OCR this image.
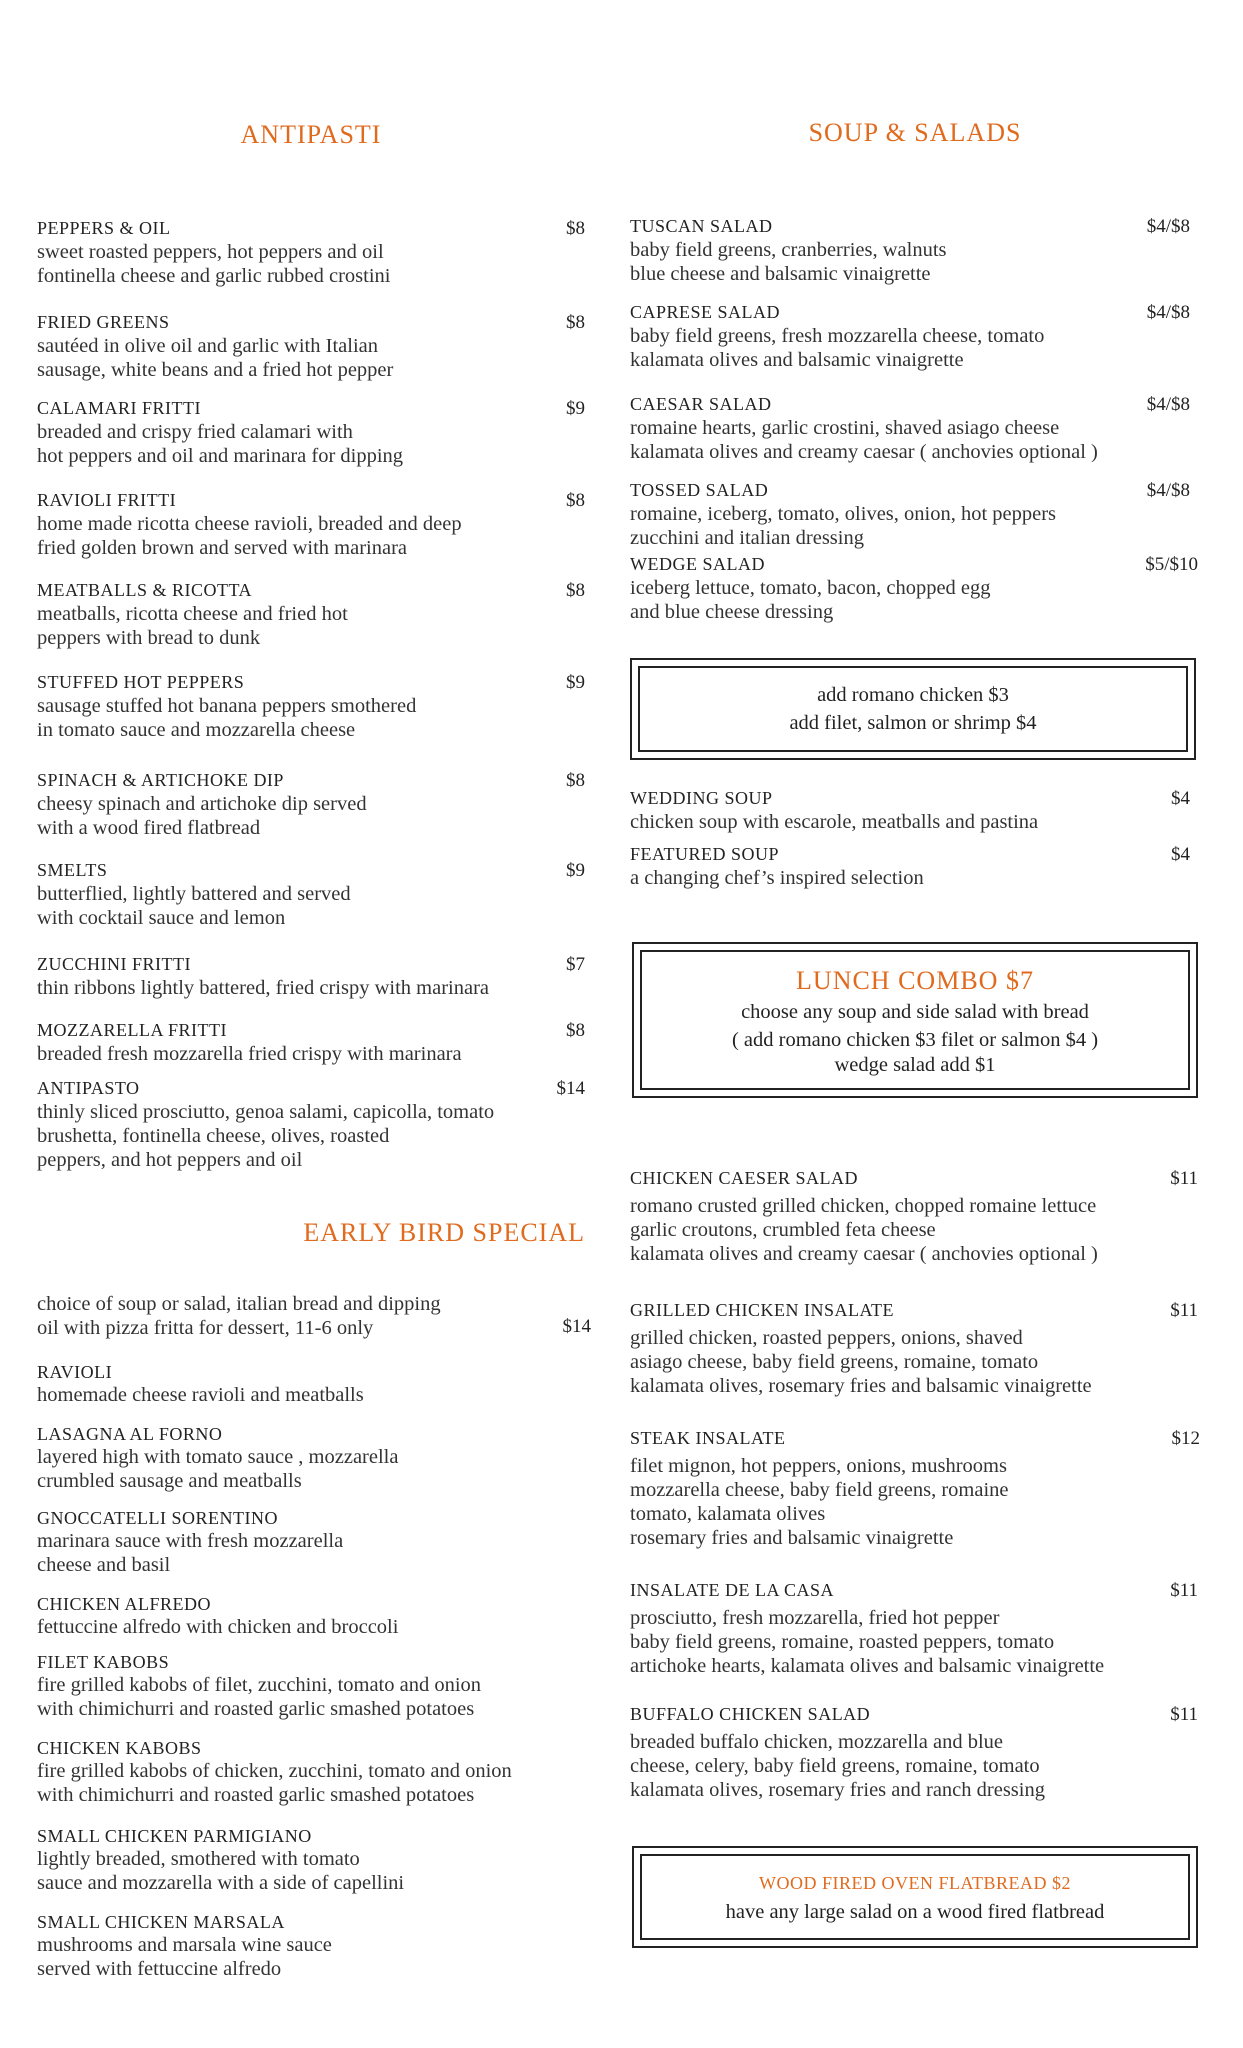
ANTIPASTI
PEPPERS & OIL	$8
sweet roasted peppers, hot peppers and oil
fontinella cheese and garlic rubbed crostini
FRIED GREENS	$8
sautéed in olive oil and garlic with Italian
sausage, white beans and a fried hot pepper
CALAMARI FRITTI	$9
breaded and crispy fried calamari with
hot peppers and oil and marinara for dipping
RAVIOLI FRITTI	$8
home made ricotta cheese ravioli, breaded and deep
fried golden brown and served with marinara
MEATBALLS & RICOTTA	$8
meatballs, ricotta cheese and fried hot
peppers with bread to dunk
STUFFED HOT PEPPERS	$9
sausage stuffed hot banana peppers smothered
in tomato sauce and mozzarella cheese
SPINACH & ARTICHOKE DIP	$8
cheesy spinach and artichoke dip served
with a wood fired flatbread
SMELTS	$9
butterflied, lightly battered and served
with cocktail sauce and lemon
ZUCCHINI FRITTI	$7
thin ribbons lightly battered, fried crispy with marinara
MOZZARELLA FRITTI	$8
breaded fresh mozzarella fried crispy with marinara
ANTIPASTO	$14
thinly sliced prosciutto, genoa salami, capicolla, tomato
brushetta, fontinella cheese, olives, roasted
peppers, and hot peppers and oil
EARLY BIRD SPECIAL
choice of soup or salad, italian bread and dipping
oil with pizza fritta for dessert, 11-6 only	$14
RAVIOLI
homemade cheese ravioli and meatballs
LASAGNA AL FORNO
layered high with tomato sauce , mozzarella
crumbled sausage and meatballs
GNOCCATELLI SORENTINO
marinara sauce with fresh mozzarella
cheese and basil
CHICKEN ALFREDO
fettuccine alfredo with chicken and broccoli
FILET KABOBS
fire grilled kabobs of filet, zucchini, tomato and onion
with chimichurri and roasted garlic smashed potatoes
CHICKEN KABOBS
fire grilled kabobs of chicken, zucchini, tomato and onion
with chimichurri and roasted garlic smashed potatoes
SMALL CHICKEN PARMIGIANO
lightly breaded, smothered with tomato
sauce and mozzarella with a side of capellini
SMALL CHICKEN MARSALA
mushrooms and marsala wine sauce
served with fettuccine alfredo
SOUP & SALADS
TUSCAN SALAD	$4/$8
baby field greens, cranberries, walnuts
blue cheese and balsamic vinaigrette
CAPRESE SALAD	$4/$8
baby field greens, fresh mozzarella cheese, tomato
kalamata olives and balsamic vinaigrette
CAESAR SALAD	$4/$8
romaine hearts, garlic crostini, shaved asiago cheese
kalamata olives and creamy caesar ( anchovies optional )
TOSSED SALAD	$4/$8
romaine, iceberg, tomato, olives, onion, hot peppers
zucchini and italian dressing
WEDGE SALAD	$5/$10
iceberg lettuce, tomato, bacon, chopped egg
and blue cheese dressing
add romano chicken $3
add filet, salmon or shrimp $4
WEDDING SOUP	$4
chicken soup with escarole, meatballs and pastina
FEATURED SOUP	$4
a changing chef’s inspired selection
LUNCH COMBO $7
choose any soup and side salad with bread
( add romano chicken $3 filet or salmon $4 )
wedge salad add $1
CHICKEN CAESER SALAD	$11
romano crusted grilled chicken, chopped romaine lettuce
garlic croutons, crumbled feta cheese
kalamata olives and creamy caesar ( anchovies optional )
GRILLED CHICKEN INSALATE	$11
grilled chicken, roasted peppers, onions, shaved
asiago cheese, baby field greens, romaine, tomato
kalamata olives, rosemary fries and balsamic vinaigrette
STEAK INSALATE	$12
filet mignon, hot peppers, onions, mushrooms
mozzarella cheese, baby field greens, romaine
tomato, kalamata olives
rosemary fries and balsamic vinaigrette
INSALATE DE LA CASA	$11
prosciutto, fresh mozzarella, fried hot pepper
baby field greens, romaine, roasted peppers, tomato
artichoke hearts, kalamata olives and balsamic vinaigrette
BUFFALO CHICKEN SALAD	$11
breaded buffalo chicken, mozzarella and blue
cheese, celery, baby field greens, romaine, tomato
kalamata olives, rosemary fries and ranch dressing
WOOD FIRED OVEN FLATBREAD $2
have any large salad on a wood fired flatbread
